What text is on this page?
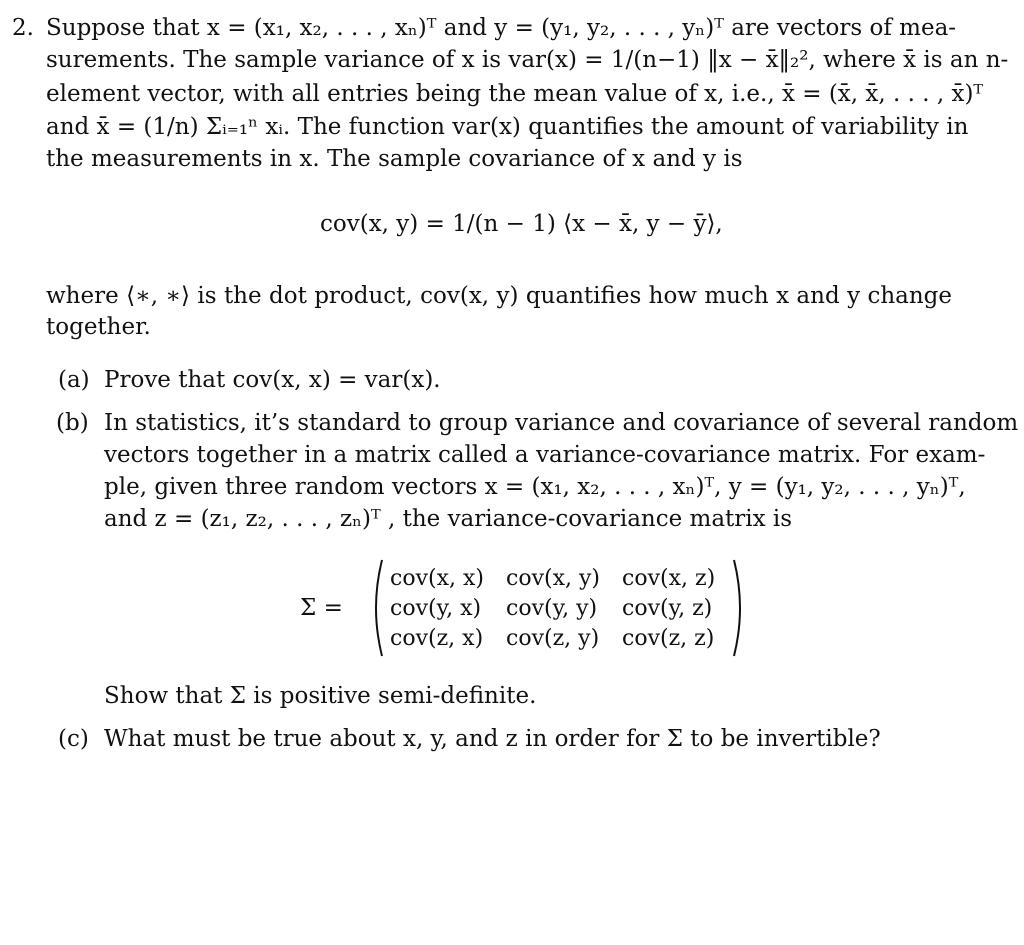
2. Suppose that x = (x₁, x₂, . . . , xₙ)ᵀ and y = (y₁, y₂, . . . , yₙ)ᵀ are vectors of mea-
surements. The sample variance of x is var(x) = 1/(n−1) ‖x − x̄‖₂², where x̄ is an n-
element vector, with all entries being the mean value of x, i.e., x̄ = (x̄, x̄, . . . , x̄)ᵀ
and x̄ = (1/n) Σᵢ₌₁ⁿ xᵢ. The function var(x) quantifies the amount of variability in
the measurements in x. The sample covariance of x and y is
cov(x, y) = 1/(n − 1) ⟨x − x̄, y − ȳ⟩,
where ⟨∗, ∗⟩ is the dot product, cov(x, y) quantifies how much x and y change
together.
(a) Prove that cov(x, x) = var(x).
(b) In statistics, it’s standard to group variance and covariance of several random
vectors together in a matrix called a variance-covariance matrix. For exam-
ple, given three random vectors x = (x₁, x₂, . . . , xₙ)ᵀ, y = (y₁, y₂, . . . , yₙ)ᵀ,
and z = (z₁, z₂, . . . , zₙ)ᵀ , the variance-covariance matrix is
Σ =
cov(x, x)	cov(x, y)	cov(x, z)
cov(y, x)	cov(y, y)	cov(y, z)
cov(z, x)	cov(z, y)	cov(z, z)
Show that Σ is positive semi-definite.
(c) What must be true about x, y, and z in order for Σ to be invertible?
